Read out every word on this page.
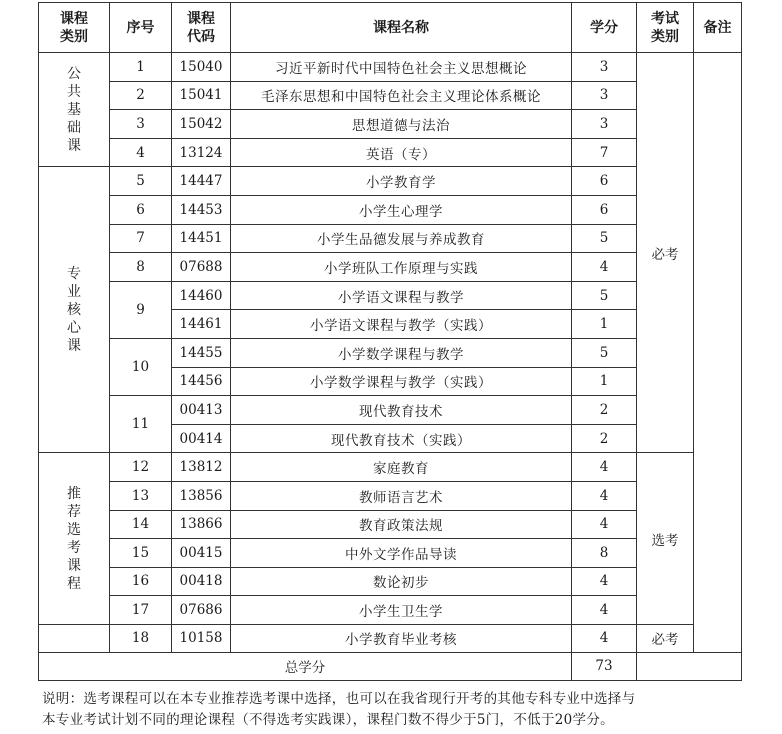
课程类别	序号	课程代码	课程名称	学分	考试类别	备注
公共基础课	1	15040	习近平新时代中国特色社会主义思想概论	3	必考	
	2	15041	毛泽东思想和中国特色社会主义理论体系概论	3		
	3	15042	思想道德与法治	3		
	4	13124	英语（专）	7		
专业核心课	5	14447	小学教育学	6		
	6	14453	小学生心理学	6		
	7	14451	小学生品德发展与养成教育	5		
	8	07688	小学班队工作原理与实践	4		
	9	14460	小学语文课程与教学	5		
		14461	小学语文课程与教学（实践）	1		
	10	14455	小学数学课程与教学	5		
		14456	小学数学课程与教学（实践）	1		
	11	00413	现代教育技术	2		
		00414	现代教育技术（实践）	2		
推荐选考课程	12	13812	家庭教育	4	选考	
	13	13856	教师语言艺术	4		
	14	13866	教育政策法规	4		
	15	00415	中外文学作品导读	8		
	16	00418	数论初步	4		
	17	07686	小学生卫生学	4		
	18	10158	小学教育毕业考核	4	必考	
总学分				73		
说明：选考课程可以在本专业推荐选考课中选择，也可以在我省现行开考的其他专科专业中选择与
本专业考试计划不同的理论课程（不得选考实践课），课程门数不得少于5门，不低于20学分。
